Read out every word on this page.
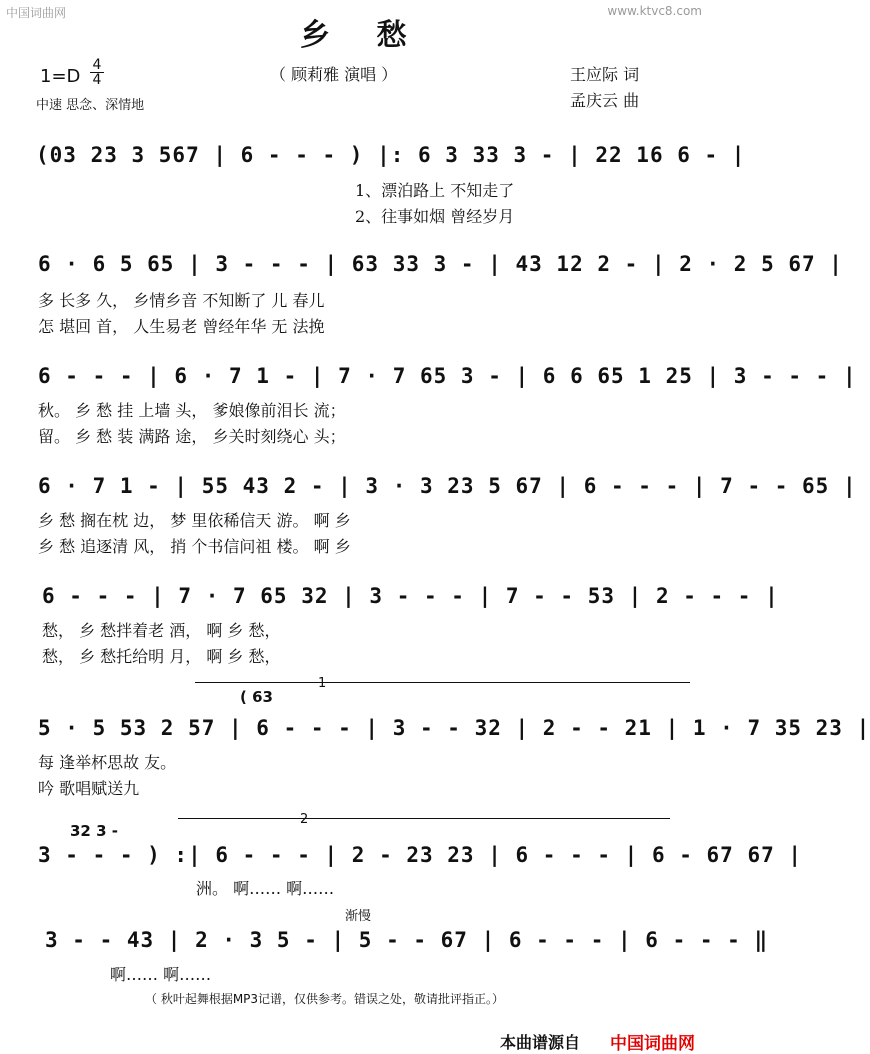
中国词曲网	www.ktvc8.com
乡 愁
（ 顾莉雅 演唱 ）
1=D
4
4
中速 思念、深情地
王应际 词
孟庆云 曲
(03 23 3 567 | 6 - - - ) |: 6 3 33 3 - | 22 16 6 - |
1、漂泊路上 不知走了
2、往事如烟 曾经岁月
6 · 6 5 65 | 3 - - - | 63 33 3 - | 43 12 2 - | 2 · 2 5 67 |
多 长多 久， 乡情乡音 不知断了 儿 春儿
怎 堪回 首， 人生易老 曾经年华 无 法挽
6 - - - | 6 · 7 1 - | 7 · 7 65 3 - | 6 6 65 1 25 | 3 - - - |
秋。 乡 愁 挂 上墙 头， 爹娘像前泪长 流；
留。 乡 愁 装 满路 途， 乡关时刻绕心 头；
6 · 7 1 - | 55 43 2 - | 3 · 3 23 5 67 | 6 - - - | 7 - - 65 |
乡 愁 搁在枕 边， 梦 里依稀信天 游。 啊 乡
乡 愁 追逐清 风， 捎 个书信问祖 楼。 啊 乡
6 - - - | 7 · 7 65 32 | 3 - - - | 7 - - 53 | 2 - - - |
愁， 乡 愁拌着老 酒， 啊 乡 愁，
愁， 乡 愁托给明 月， 啊 乡 愁，
1
( 63
5 · 5 53 2 57 | 6 - - - | 3 - - 32 | 2 - - 21 | 1 · 7 35 23 |
每 逢举杯思故 友。
吟 歌唱赋送九
2
32 3 -
3 - - - ) :| 6 - - - | 2 - 23 23 | 6 - - - | 6 - 67 67 |
洲。 啊…… 啊……
渐慢
3 - - 43 | 2 · 3 5 - | 5 - - 67 | 6 - - - | 6 - - - ‖
啊…… 啊……
（ 秋叶起舞根据MP3记谱，仅供参考。错误之处，敬请批评指正。）
本曲谱源自 中国词曲网
